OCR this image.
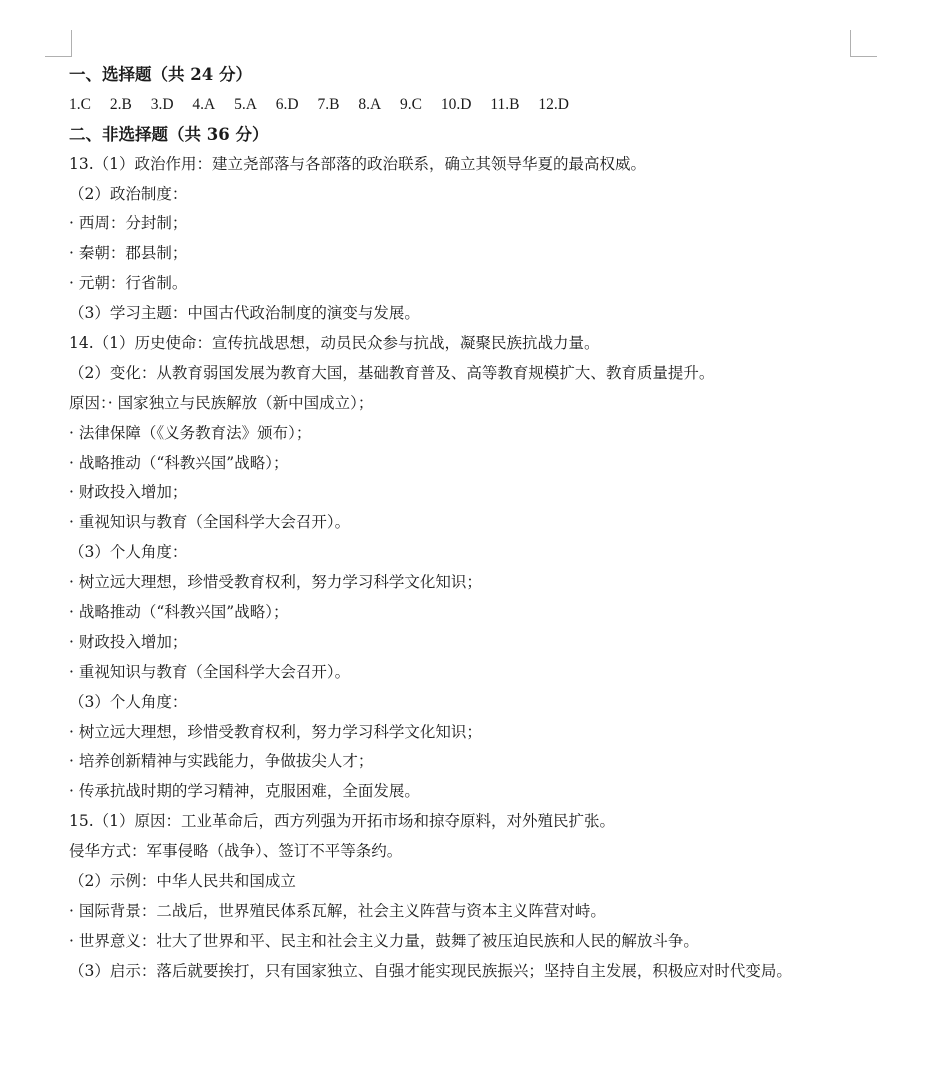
一、选择题（共 24 分）
1.C 2.B 3.D 4.A 5.A 6.D 7.B 8.A 9.C 10.D 11.B 12.D
二、非选择题（共 36 分）
13.（1）政治作用：建立尧部落与各部落的政治联系，确立其领导华夏的最高权威。
（2）政治制度：
· 西周：分封制；
· 秦朝：郡县制；
· 元朝：行省制。
（3）学习主题：中国古代政治制度的演变与发展。
14.（1）历史使命：宣传抗战思想，动员民众参与抗战，凝聚民族抗战力量。
（2）变化：从教育弱国发展为教育大国，基础教育普及、高等教育规模扩大、教育质量提升。
原因：· 国家独立与民族解放（新中国成立）；
· 法律保障（《义务教育法》颁布）；
· 战略推动（“科教兴国”战略）；
· 财政投入增加；
· 重视知识与教育（全国科学大会召开）。
（3）个人角度：
· 树立远大理想，珍惜受教育权利，努力学习科学文化知识；
· 战略推动（“科教兴国”战略）；
· 财政投入增加；
· 重视知识与教育（全国科学大会召开）。
（3）个人角度：
· 树立远大理想，珍惜受教育权利，努力学习科学文化知识；
· 培养创新精神与实践能力，争做拔尖人才；
· 传承抗战时期的学习精神，克服困难，全面发展。
15.（1）原因：工业革命后，西方列强为开拓市场和掠夺原料，对外殖民扩张。
侵华方式：军事侵略（战争）、签订不平等条约。
（2）示例：中华人民共和国成立
· 国际背景：二战后，世界殖民体系瓦解，社会主义阵营与资本主义阵营对峙。
· 世界意义：壮大了世界和平、民主和社会主义力量，鼓舞了被压迫民族和人民的解放斗争。
（3）启示：落后就要挨打，只有国家独立、自强才能实现民族振兴；坚持自主发展，积极应对时代变局。
